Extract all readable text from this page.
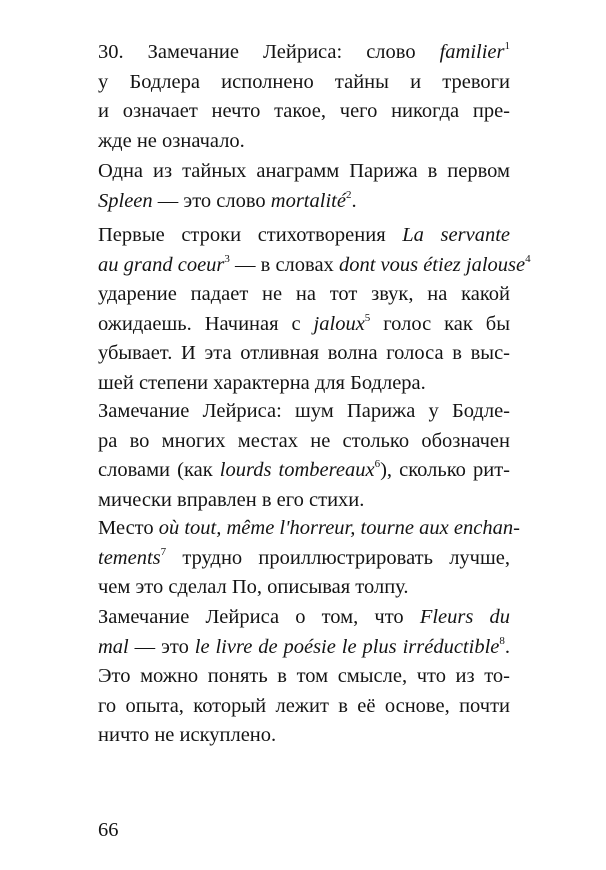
30. Замечание Лейриса: слово familier$^1$
у Бодлера исполнено тайны и тревоги
и означает нечто такое, чего никогда пре-
жде не означало.
Одна из тайных анаграмм Парижа в первом
Spleen — это слово mortalité$^2$.
Первые строки стихотворения La servante
au grand coeur$^3$ — в словах dont vous étiez jalouse$^4$
ударение падает не на тот звук, на какой
ожидаешь. Начиная с jaloux$^5$ голос как бы
убывает. И эта отливная волна голоса в выс-
шей степени характерна для Бодлера.
Замечание Лейриса: шум Парижа у Бодле-
ра во многих местах не столько обозначен
словами (как lourds tombereaux$^6$), сколько рит-
мически вправлен в его стихи.
Место où tout, même l'horreur, tourne aux enchan-
tements$^7$ трудно проиллюстрировать лучше,
чем это сделал По, описывая толпу.
Замечание Лейриса о том, что Fleurs du
mal — это le livre de poésie le plus irréductible$^8$.
Это можно понять в том смысле, что из то-
го опыта, который лежит в её основе, почти
ничто не искуплено.
66
